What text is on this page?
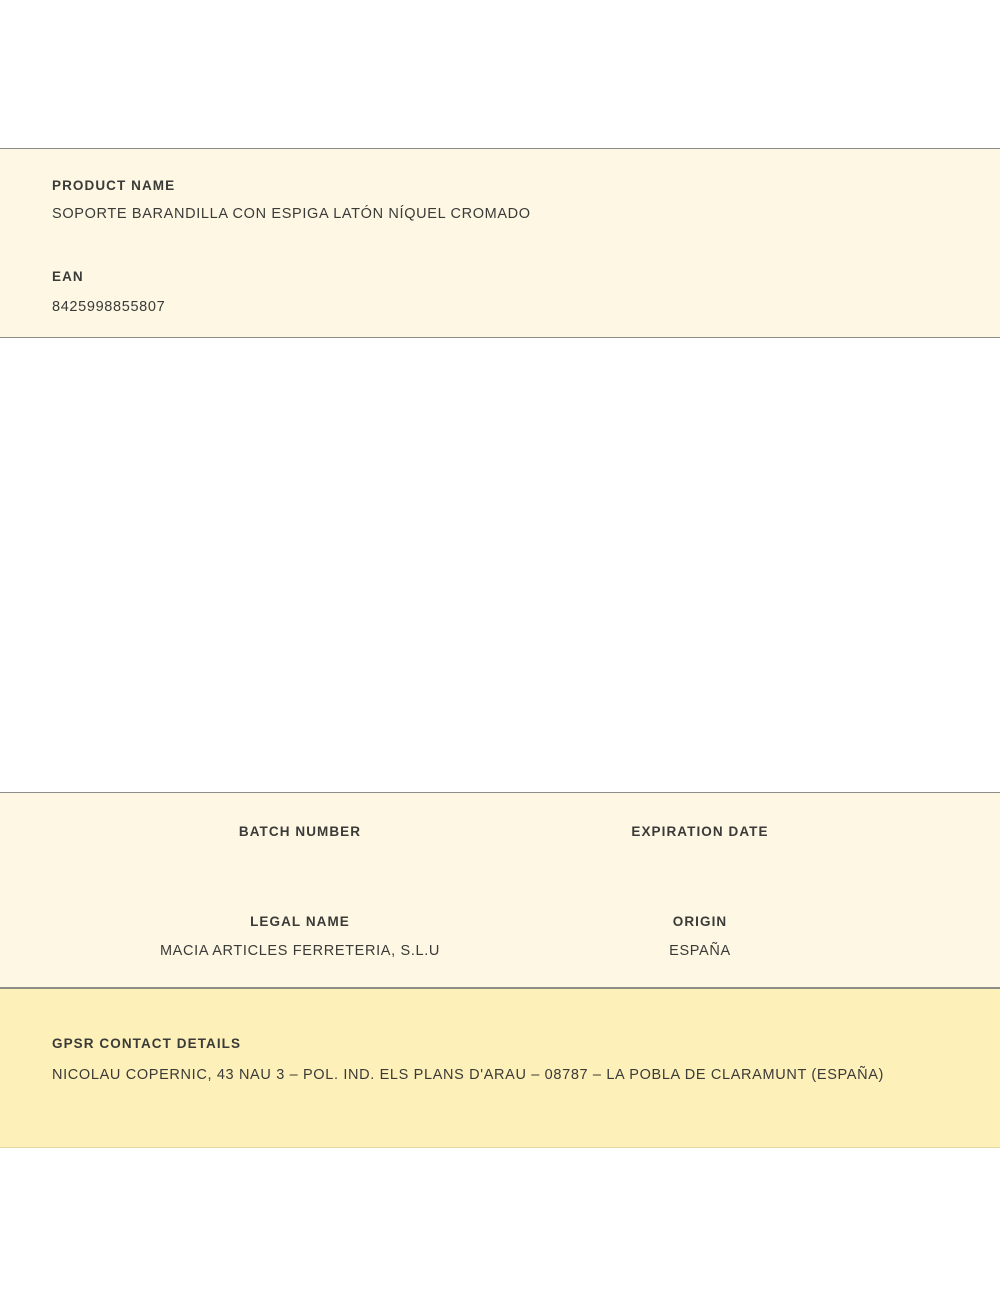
PRODUCT NAME
SOPORTE BARANDILLA CON ESPIGA LATÓN NÍQUEL CROMADO
EAN
8425998855807
BATCH NUMBER	EXPIRATION DATE
LEGAL NAME
MACIA ARTICLES FERRETERIA, S.L.U
ORIGIN
ESPAÑA
GPSR CONTACT DETAILS
NICOLAU COPERNIC, 43 NAU 3 – POL. IND. ELS PLANS D'ARAU – 08787 – LA POBLA DE CLARAMUNT (ESPAÑA)
